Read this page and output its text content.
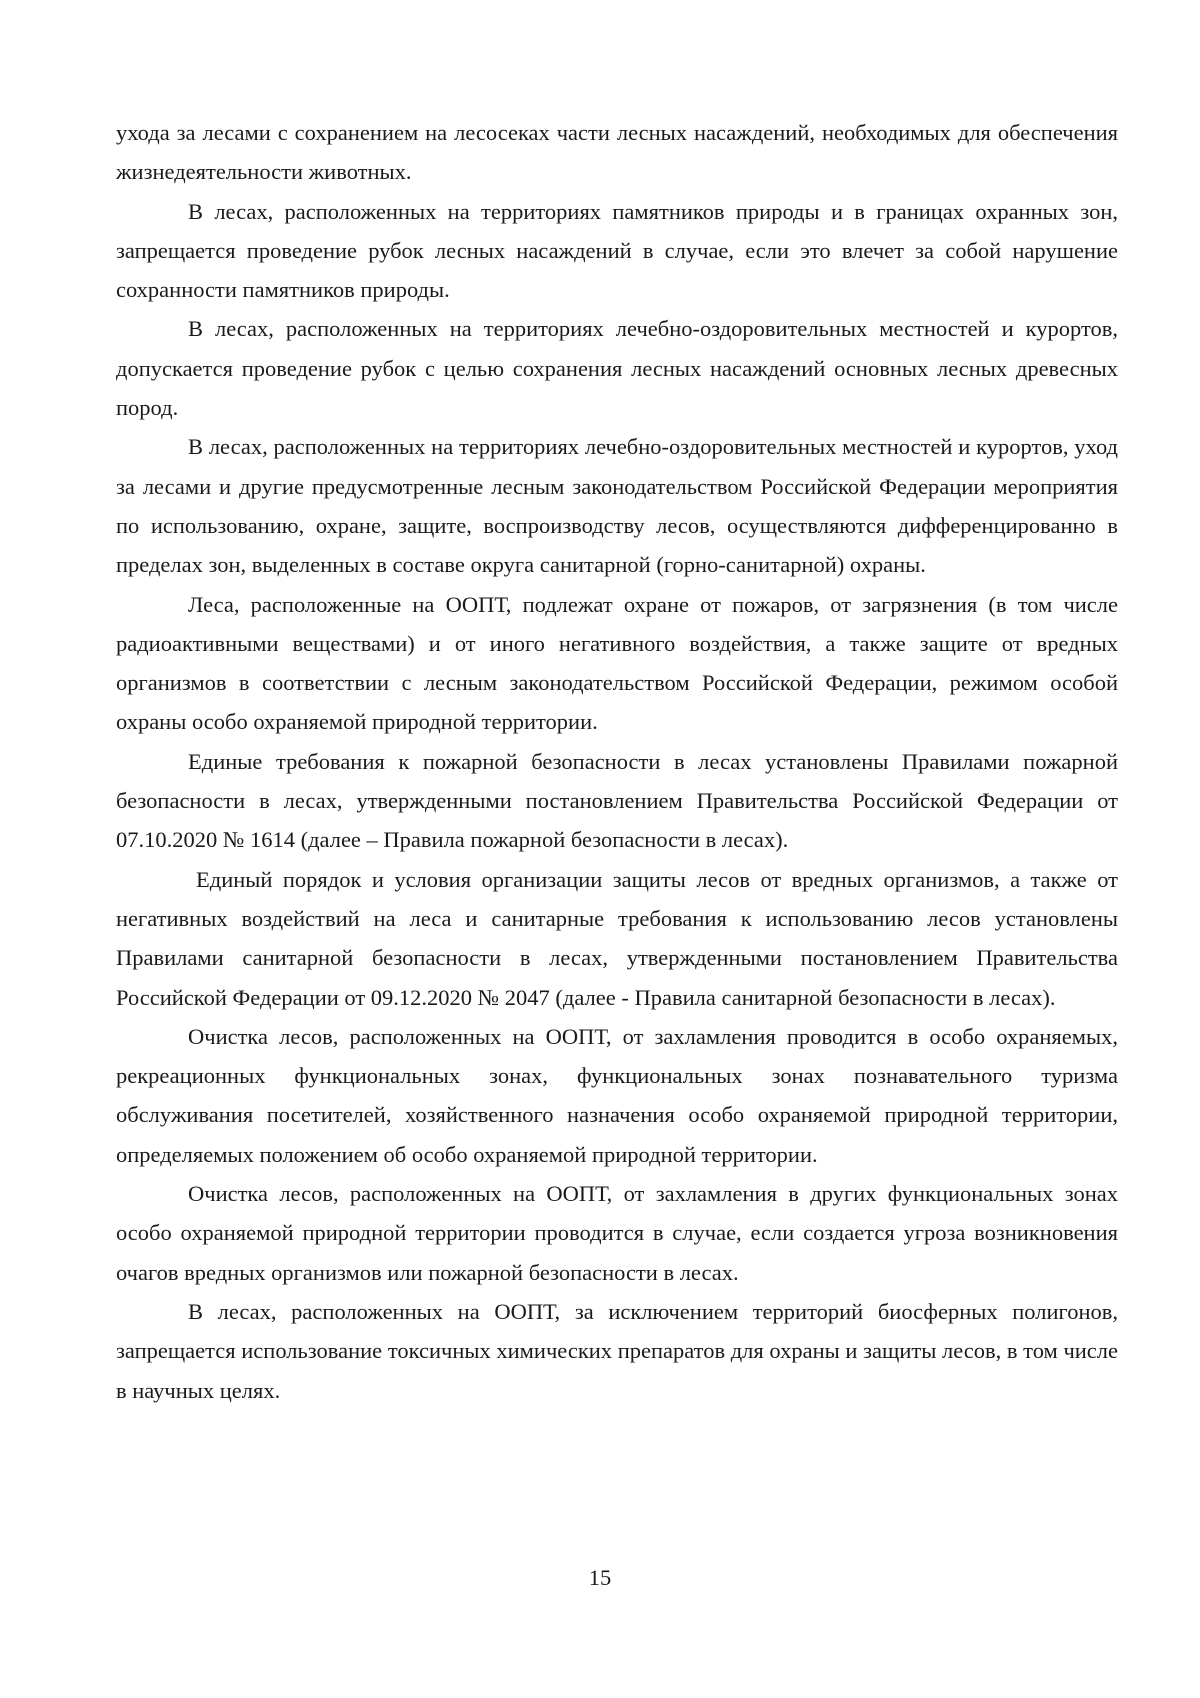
ухода за лесами с сохранением на лесосеках части лесных насаждений, необходимых для обеспечения жизнедеятельности животных.

В лесах, расположенных на территориях памятников природы и в границах охранных зон, запрещается проведение рубок лесных насаждений в случае, если это влечет за собой нарушение сохранности памятников природы.

В лесах, расположенных на территориях лечебно-оздоровительных местностей и курортов, допускается проведение рубок с целью сохранения лесных насаждений основных лесных древесных пород.

В лесах, расположенных на территориях лечебно-оздоровительных местностей и курортов, уход за лесами и другие предусмотренные лесным законодательством Российской Федерации мероприятия по использованию, охране, защите, воспроизводству лесов, осуществляются дифференцированно в пределах зон, выделенных в составе округа санитарной (горно-санитарной) охраны.

Леса, расположенные на ООПТ, подлежат охране от пожаров, от загрязнения (в том числе радиоактивными веществами) и от иного негативного воздействия, а также защите от вредных организмов в соответствии с лесным законодательством Российской Федерации, режимом особой охраны особо охраняемой природной территории.

Единые требования к пожарной безопасности в лесах установлены Правилами пожарной безопасности в лесах, утвержденными постановлением Правительства Российской Федерации от 07.10.2020 № 1614 (далее – Правила пожарной безопасности в лесах).

Единый порядок и условия организации защиты лесов от вредных организмов, а также от негативных воздействий на леса и санитарные требования к использованию лесов установлены Правилами санитарной безопасности в лесах, утвержденными постановлением Правительства Российской Федерации от 09.12.2020 № 2047 (далее - Правила санитарной безопасности в лесах).

Очистка лесов, расположенных на ООПТ, от захламления проводится в особо охраняемых, рекреационных функциональных зонах, функциональных зонах познавательного туризма обслуживания посетителей, хозяйственного назначения особо охраняемой природной территории, определяемых положением об особо охраняемой природной территории.

Очистка лесов, расположенных на ООПТ, от захламления в других функциональных зонах особо охраняемой природной территории проводится в случае, если создается угроза возникновения очагов вредных организмов или пожарной безопасности в лесах.

В лесах, расположенных на ООПТ, за исключением территорий биосферных полигонов, запрещается использование токсичных химических препаратов для охраны и защиты лесов, в том числе в научных целях.

15
